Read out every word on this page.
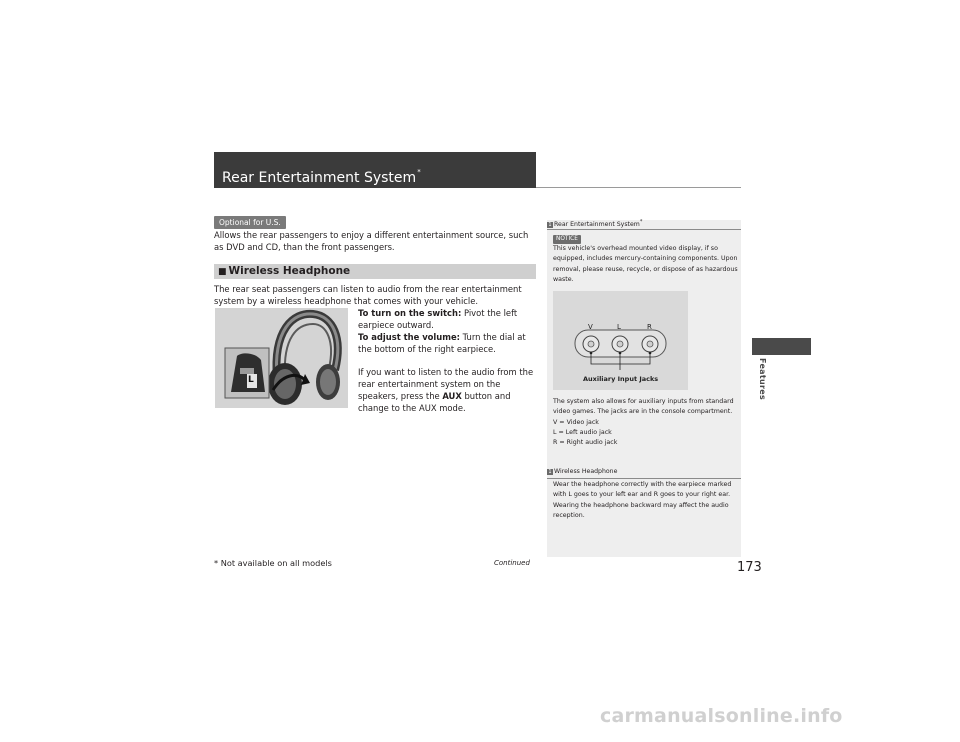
Rear Entertainment System*
Features
Optional for U.S.
Allows the rear passengers to enjoy a different entertainment source, such as DVD and CD, than the front passengers.
■ Wireless Headphone
The rear seat passengers can listen to audio from the rear entertainment system by a wireless headphone that comes with your vehicle.
L
To turn on the switch: Pivot the left earpiece outward.
To adjust the volume: Turn the dial at the bottom of the right earpiece.
If you want to listen to the audio from the rear entertainment system on the speakers, press the AUX button and change to the AUX mode.
1 Rear Entertainment System*
NOTICE
This vehicle's overhead mounted video display, if so equipped, includes mercury-containing components. Upon removal, please reuse, recycle, or dispose of as hazardous waste.
V	L	R
Auxiliary Input Jacks
The system also allows for auxiliary inputs from standard video games. The jacks are in the console compartment.
V = Video jack
L = Left audio jack
R = Right audio jack
1 Wireless Headphone
Wear the headphone correctly with the earpiece marked with L goes to your left ear and R goes to your right ear. Wearing the headphone backward may affect the audio reception.
* Not available on all models	Continued	173
carmanualsonline.info
